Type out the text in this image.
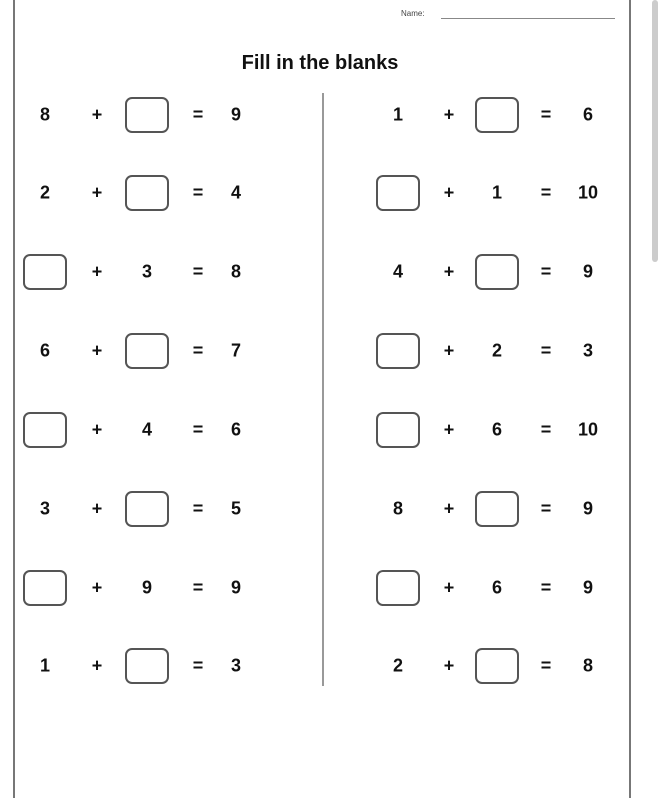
Name:
Fill in the blanks
8 +	= 9
2 +	= 4
+ 3 = 8
6 +	= 7
+ 4 = 6
3 +	= 5
+ 9 = 9
1 +	= 3
1 +	= 6
+ 1 = 10
4 +	= 9
+ 2 = 3
+ 6 = 10
8 +	= 9
+ 6 = 9
2 +	= 8
